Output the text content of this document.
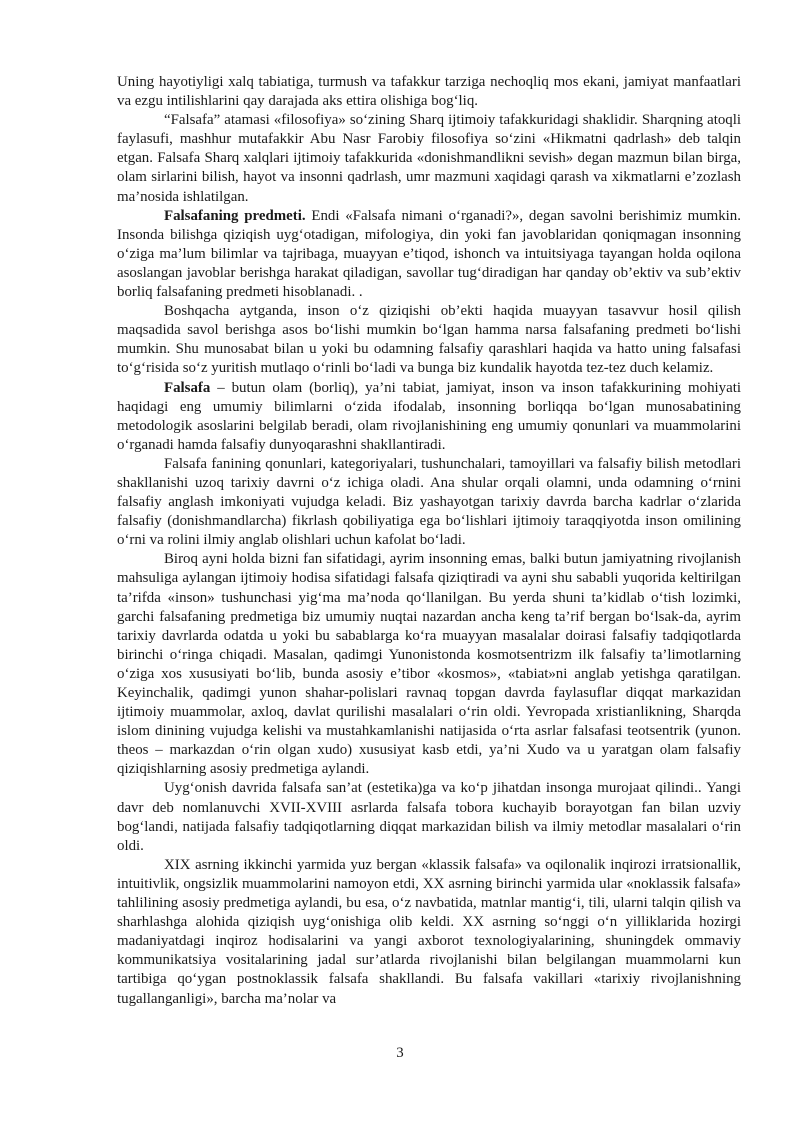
Uning hayotiyligi xalq tabiatiga, turmush va tafakkur tarziga nechoqliq mos ekani, jamiyat manfaatlari va ezgu intilishlarini qay darajada aks ettira olishiga bog‘liq.

“Falsafa” atamasi «filosofiya» so‘zining Sharq ijtimoiy tafakkuridagi shaklidir. Sharqning atoqli faylasufi, mashhur mutafakkir Abu Nasr Farobiy filosofiya so‘zini «Hikmatni qadrlash» deb talqin etgan. Falsafa Sharq xalqlari ijtimoiy tafakkurida «donishmandlikni sevish» degan mazmun bilan birga, olam sirlarini bilish, hayot va insonni qadrlash, umr mazmuni xaqidagi qarash va xikmatlarni e’zozlash ma’nosida ishlatilgan.

Falsafaning predmeti. Endi «Falsafa nimani o‘rganadi?», degan savolni berishimiz mumkin. Insonda bilishga qiziqish uyg‘otadigan, mifologiya, din yoki fan javoblaridan qoniqmagan insonning o‘ziga ma’lum bilimlar va tajribaga, muayyan e’tiqod, ishonch va intuitsiyaga tayangan holda oqilona asoslangan javoblar berishga harakat qiladigan, savollar tug‘diradigan har qanday ob’ektiv va sub’ektiv borliq falsafaning predmeti hisoblanadi. .

Boshqacha aytganda, inson o‘z qiziqishi ob’ekti haqida muayyan tasavvur hosil qilish maqsadida savol berishga asos bo‘lishi mumkin bo‘lgan hamma narsa falsafaning predmeti bo‘lishi mumkin. Shu munosabat bilan u yoki bu odamning falsafiy qarashlari haqida va hatto uning falsafasi to‘g‘risida so‘z yuritish mutlaqo o‘rinli bo‘ladi va bunga biz kundalik hayotda tez-tez duch kelamiz.

Falsafa – butun olam (borliq), ya’ni tabiat, jamiyat, inson va inson tafakkurining mohiyati haqidagi eng umumiy bilimlarni o‘zida ifodalab, insonning borliqqa bo‘lgan munosabatining metodologik asoslarini belgilab beradi, olam rivojlanishining eng umumiy qonunlari va muammolarini o‘rganadi hamda falsafiy dunyoqarashni shakllantiradi.

Falsafa fanining qonunlari, kategoriyalari, tushunchalari, tamoyillari va falsafiy bilish metodlari shakllanishi uzoq tarixiy davrni o‘z ichiga oladi. Ana shular orqali olamni, unda odamning o‘rnini falsafiy anglash imkoniyati vujudga keladi. Biz yashayotgan tarixiy davrda barcha kadrlar o‘zlarida falsafiy (donishmandlarcha) fikrlash qobiliyatiga ega bo‘lishlari ijtimoiy taraqqiyotda inson omilining o‘rni va rolini ilmiy anglab olishlari uchun kafolat bo‘ladi.

Biroq ayni holda bizni fan sifatidagi, ayrim insonning emas, balki butun jamiyatning rivojlanish mahsuliga aylangan ijtimoiy hodisa sifatidagi falsafa qiziqtiradi va ayni shu sababli yuqorida keltirilgan ta’rifda «inson» tushunchasi yig‘ma ma’noda qo‘llanilgan. Bu yerda shuni ta’kidlab o‘tish lozimki, garchi falsafaning predmetiga biz umumiy nuqtai nazardan ancha keng ta’rif bergan bo‘lsak-da, ayrim tarixiy davrlarda odatda u yoki bu sabablarga ko‘ra muayyan masalalar doirasi falsafiy tadqiqotlarda birinchi o‘ringa chiqadi. Masalan, qadimgi Yunonistonda kosmotsentrizm ilk falsafiy ta’limotlarning o‘ziga xos xususiyati bo‘lib, bunda asosiy e’tibor «kosmos», «tabiat»ni anglab yetishga qaratilgan. Keyinchalik, qadimgi yunon shahar-polislari ravnaq topgan davrda faylasuflar diqqat markazidan ijtimoiy muammolar, axloq, davlat qurilishi masalalari o‘rin oldi. Yevropada xristianlikning, Sharqda islom dinining vujudga kelishi va mustahkamlanishi natijasida o‘rta asrlar falsafasi teotsentrik (yunon. theos – markazdan o‘rin olgan xudo) xususiyat kasb etdi, ya’ni Xudo va u yaratgan olam falsafiy qiziqishlarning asosiy predmetiga aylandi.

Uyg‘onish davrida falsafa san’at (estetika)ga va ko‘p jihatdan insonga murojaat qilindi.. Yangi davr deb nomlanuvchi XVII-XVIII asrlarda falsafa tobora kuchayib borayotgan fan bilan uzviy bog‘landi, natijada falsafiy tadqiqotlarning diqqat markazidan bilish va ilmiy metodlar masalalari o‘rin oldi.

XIX asrning ikkinchi yarmida yuz bergan «klassik falsafa» va oqilonalik inqirozi irratsionallik, intuitivlik, ongsizlik muammolarini namoyon etdi, XX asrning birinchi yarmida ular «noklassik falsafa» tahlilining asosiy predmetiga aylandi, bu esa, o‘z navbatida, matnlar mantig‘i, tili, ularni talqin qilish va sharhlashga alohida qiziqish uyg‘onishiga olib keldi. XX asrning so‘nggi o‘n yilliklarida hozirgi madaniyatdagi inqiroz hodisalarini va yangi axborot texnologiyalarining, shuningdek ommaviy kommunikatsiya vositalarining jadal sur’atlarda rivojlanishi bilan belgilangan muammolarni kun tartibiga qo‘ygan postnoklassik falsafa shakllandi. Bu falsafa vakillari «tarixiy rivojlanishning tugallanganligi», barcha ma’nolar va

3
